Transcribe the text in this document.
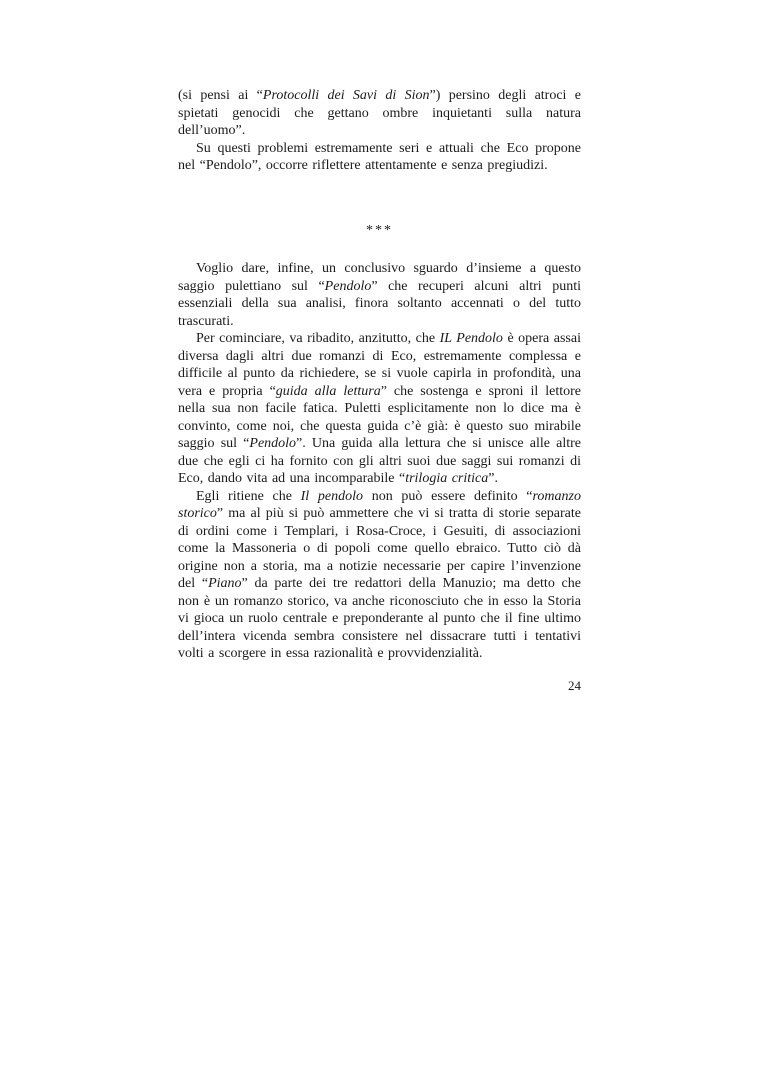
(si pensi ai “Protocolli dei Savi di Sion”) persino degli atroci e spietati genocidi che gettano ombre inquietanti sulla natura dell’uomo”.

Su questi problemi estremamente seri e attuali che Eco propone nel “Pendolo”, occorre riflettere attentamente e senza pregiudizi.

***

Voglio dare, infine, un conclusivo sguardo d’insieme a questo saggio pulettiano sul “Pendolo” che recuperi alcuni altri punti essenziali della sua analisi, finora soltanto accennati o del tutto trascurati.

Per cominciare, va ribadito, anzitutto, che IL Pendolo è opera assai diversa dagli altri due romanzi di Eco, estremamente complessa e difficile al punto da richiedere, se si vuole capirla in profondità, una vera e propria “guida alla lettura” che sostenga e sproni il lettore nella sua non facile fatica. Puletti esplicitamente non lo dice ma è convinto, come noi, che questa guida c’è già: è questo suo mirabile saggio sul “Pendolo”. Una guida alla lettura che si unisce alle altre due che egli ci ha fornito con gli altri suoi due saggi sui romanzi di Eco, dando vita ad una incomparabile “trilogia critica”.

Egli ritiene che Il pendolo non può essere definito “romanzo storico” ma al più si può ammettere che vi si tratta di storie separate di ordini come i Templari, i Rosa-Croce, i Gesuiti, di associazioni come la Massoneria o di popoli come quello ebraico. Tutto ciò dà origine non a storia, ma a notizie necessarie per capire l’invenzione del “Piano” da parte dei tre redattori della Manuzio; ma detto che non è un romanzo storico, va anche riconosciuto che in esso la Storia vi gioca un ruolo centrale e preponderante al punto che il fine ultimo dell’intera vicenda sembra consistere nel dissacrare tutti i tentativi volti a scorgere in essa razionalità e provvidenzialità.

24
